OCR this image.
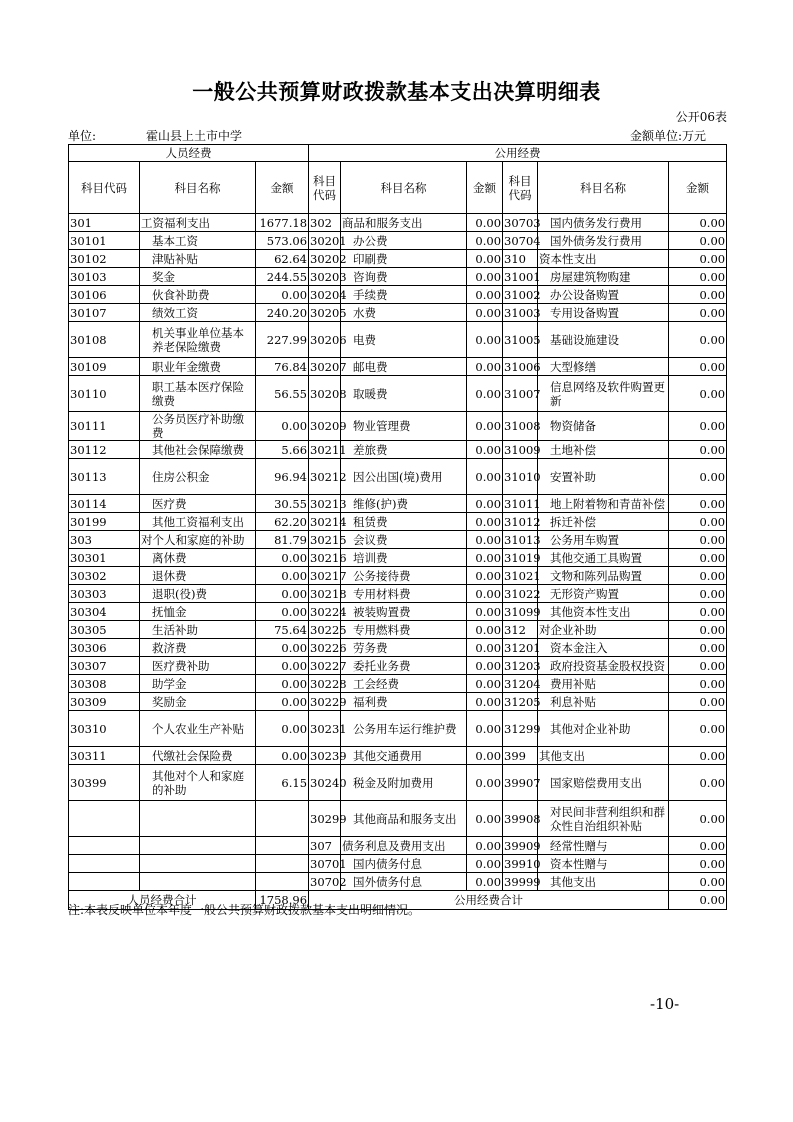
一般公共预算财政拨款基本支出决算明细表
公开06表
单位:	霍山县上土市中学	金额单位:万元
人员经费			公用经费					
科目代码	科目名称	金额	科目代码	科目名称	金额	科目代码	科目名称	金额
301	工资福利支出	1677.18	302	商品和服务支出	0.00	30703	国内债务发行费用	0.00
30101	基本工资	573.06	30201	办公费	0.00	30704	国外债务发行费用	0.00
30102	津贴补贴	62.64	30202	印刷费	0.00	310	资本性支出	0.00
30103	奖金	244.55	30203	咨询费	0.00	31001	房屋建筑物购建	0.00
30106	伙食补助费	0.00	30204	手续费	0.00	31002	办公设备购置	0.00
30107	绩效工资	240.20	30205	水费	0.00	31003	专用设备购置	0.00
30108	机关事业单位基本养老保险缴费	227.99	30206	电费	0.00	31005	基础设施建设	0.00
30109	职业年金缴费	76.84	30207	邮电费	0.00	31006	大型修缮	0.00
30110	职工基本医疗保险缴费	56.55	30208	取暖费	0.00	31007	信息网络及软件购置更新	0.00
30111	公务员医疗补助缴费	0.00	30209	物业管理费	0.00	31008	物资储备	0.00
30112	其他社会保障缴费	5.66	30211	差旅费	0.00	31009	土地补偿	0.00
30113	住房公积金	96.94	30212	因公出国(境)费用	0.00	31010	安置补助	0.00
30114	医疗费	30.55	30213	维修(护)费	0.00	31011	地上附着物和青苗补偿	0.00
30199	其他工资福利支出	62.20	30214	租赁费	0.00	31012	拆迁补偿	0.00
303	对个人和家庭的补助	81.79	30215	会议费	0.00	31013	公务用车购置	0.00
30301	离休费	0.00	30216	培训费	0.00	31019	其他交通工具购置	0.00
30302	退休费	0.00	30217	公务接待费	0.00	31021	文物和陈列品购置	0.00
30303	退职(役)费	0.00	30218	专用材料费	0.00	31022	无形资产购置	0.00
30304	抚恤金	0.00	30224	被装购置费	0.00	31099	其他资本性支出	0.00
30305	生活补助	75.64	30225	专用燃料费	0.00	312	对企业补助	0.00
30306	救济费	0.00	30226	劳务费	0.00	31201	资本金注入	0.00
30307	医疗费补助	0.00	30227	委托业务费	0.00	31203	政府投资基金股权投资	0.00
30308	助学金	0.00	30228	工会经费	0.00	31204	费用补贴	0.00
30309	奖励金	0.00	30229	福利费	0.00	31205	利息补贴	0.00
30310	个人农业生产补贴	0.00	30231	公务用车运行维护费	0.00	31299	其他对企业补助	0.00
30311	代缴社会保险费	0.00	30239	其他交通费用	0.00	399	其他支出	0.00
30399	其他对个人和家庭的补助	6.15	30240	税金及附加费用	0.00	39907	国家赔偿费用支出	0.00
			30299	其他商品和服务支出	0.00	39908	对民间非营利组织和群众性自治组织补贴	0.00
			307	债务利息及费用支出	0.00	39909	经常性赠与	0.00
			30701	国内债务付息	0.00	39910	资本性赠与	0.00
			30702	国外债务付息	0.00	39999	其他支出	0.00
人员经费合计		1758.96	公用经费合计					0.00
注:本表反映单位本年度一般公共预算财政拨款基本支出明细情况。
-10-
